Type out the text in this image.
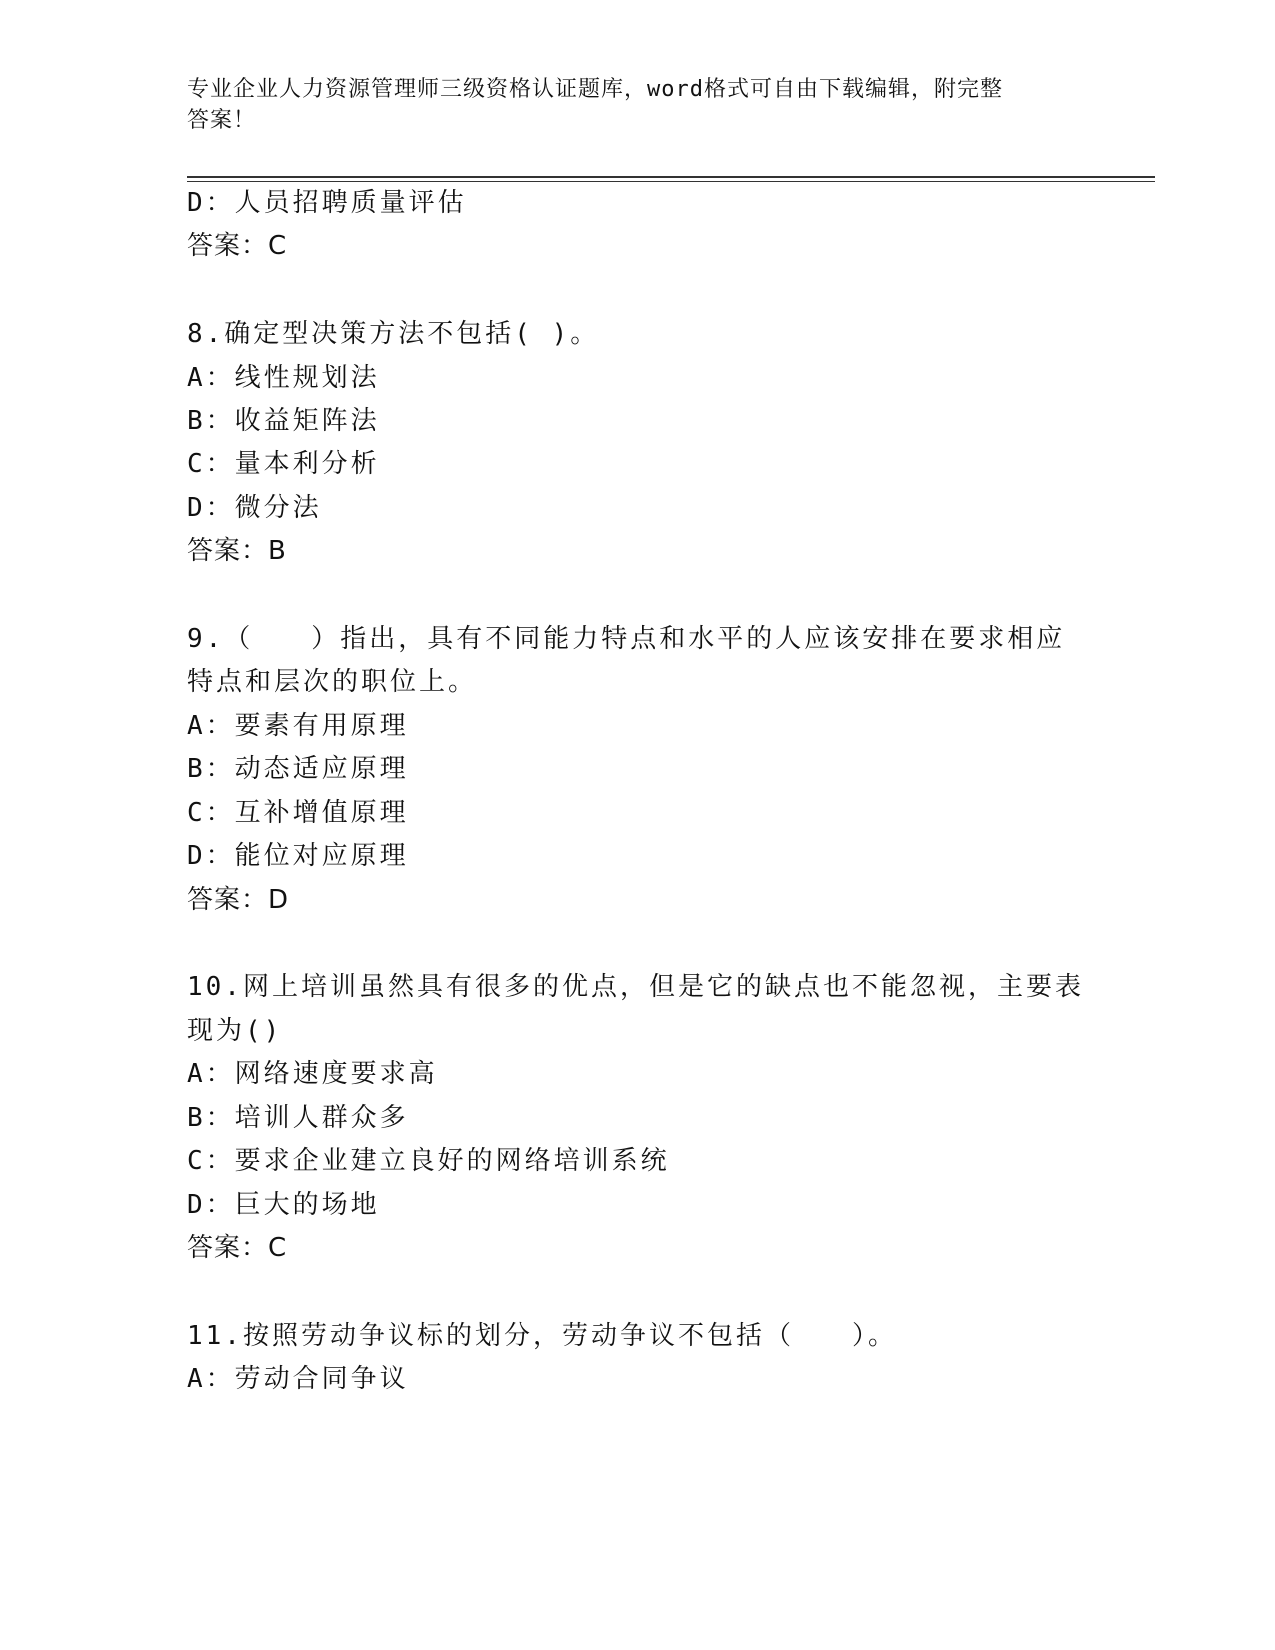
专业企业人力资源管理师三级资格认证题库，word格式可自由下载编辑，附完整
答案！
D：人员招聘质量评估
答案：C
8.确定型决策方法不包括( )。
A：线性规划法
B：收益矩阵法
C：量本利分析
D：微分法
答案：B
9.（　　）指出，具有不同能力特点和水平的人应该安排在要求相应
特点和层次的职位上。
A：要素有用原理
B：动态适应原理
C：互补增值原理
D：能位对应原理
答案：D
10.网上培训虽然具有很多的优点，但是它的缺点也不能忽视，主要表
现为()
A：网络速度要求高
B：培训人群众多
C：要求企业建立良好的网络培训系统
D：巨大的场地
答案：C
11.按照劳动争议标的划分，劳动争议不包括（　　）。
A：劳动合同争议
